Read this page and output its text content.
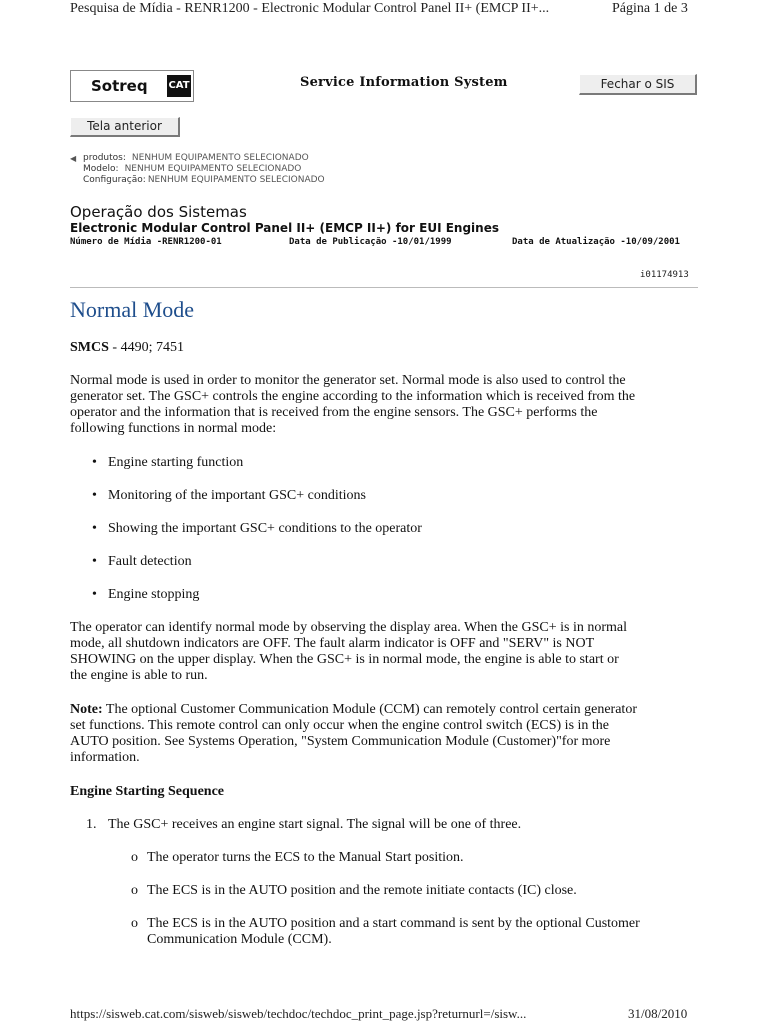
Pesquisa de Mídia - RENR1200 - Electronic Modular Control Panel II+ (EMCP II+...	Página 1 de 3
Sotreq CAT	Service Information System	Fechar o SIS
Tela anterior
◀ produtos: NENHUM EQUIPAMENTO SELECIONADO
Modelo: NENHUM EQUIPAMENTO SELECIONADO
Configuração: NENHUM EQUIPAMENTO SELECIONADO
Operação dos Sistemas
Electronic Modular Control Panel II+ (EMCP II+) for EUI Engines
Número de Mídia -RENR1200-01	Data de Publicação -10/01/1999	Data de Atualização -10/09/2001
i01174913
Normal Mode
SMCS - 4490; 7451
Normal mode is used in order to monitor the generator set. Normal mode is also used to control the
generator set. The GSC+ controls the engine according to the information which is received from the
operator and the information that is received from the engine sensors. The GSC+ performs the
following functions in normal mode:
• Engine starting function
• Monitoring of the important GSC+ conditions
• Showing the important GSC+ conditions to the operator
• Fault detection
• Engine stopping
The operator can identify normal mode by observing the display area. When the GSC+ is in normal
mode, all shutdown indicators are OFF. The fault alarm indicator is OFF and "SERV" is NOT
SHOWING on the upper display. When the GSC+ is in normal mode, the engine is able to start or
the engine is able to run.
Note: The optional Customer Communication Module (CCM) can remotely control certain generator
set functions. This remote control can only occur when the engine control switch (ECS) is in the
AUTO position. See Systems Operation, "System Communication Module (Customer)"for more
information.
Engine Starting Sequence
1. The GSC+ receives an engine start signal. The signal will be one of three.
o The operator turns the ECS to the Manual Start position.
o The ECS is in the AUTO position and the remote initiate contacts (IC) close.
o The ECS is in the AUTO position and a start command is sent by the optional Customer
Communication Module (CCM).
https://sisweb.cat.com/sisweb/sisweb/techdoc/techdoc_print_page.jsp?returnurl=/sisw...	31/08/2010
